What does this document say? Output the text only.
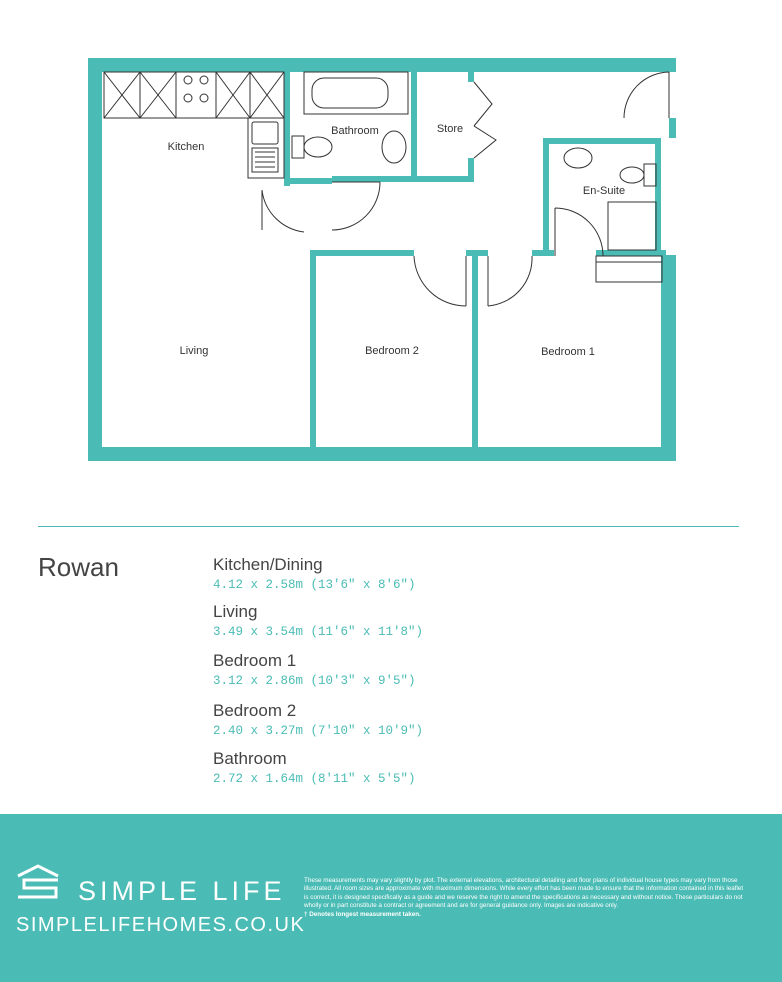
Kitchen
Bathroom	Store
En-Suite
Living	Bedroom 2	Bedroom 1
Rowan	Kitchen/Dining
4.12 x 2.58m (13'6" x 8'6")
Living
3.49 x 3.54m (11'6" x 11'8")
Bedroom 1
3.12 x 2.86m (10'3" x 9'5")
Bedroom 2
2.40 x 3.27m (7'10" x 10'9")
Bathroom
2.72 x 1.64m (8'11" x 5'5")
SIMPLE LIFE
SIMPLELIFEHOMES.CO.UK
These measurements may vary slightly by plot. The external elevations, architectural detailing and floor plans of individual house types may vary from those illustrated. All room sizes are approximate with maximum dimensions. While every effort has been made to ensure that the information contained in this leaflet is correct, it is designed specifically as a guide and we reserve the right to amend the specifications as necessary and without notice. These particulars do not wholly or in part constitute a contract or agreement and are for general guidance only. Images are indicative only.
† Denotes longest measurement taken.
